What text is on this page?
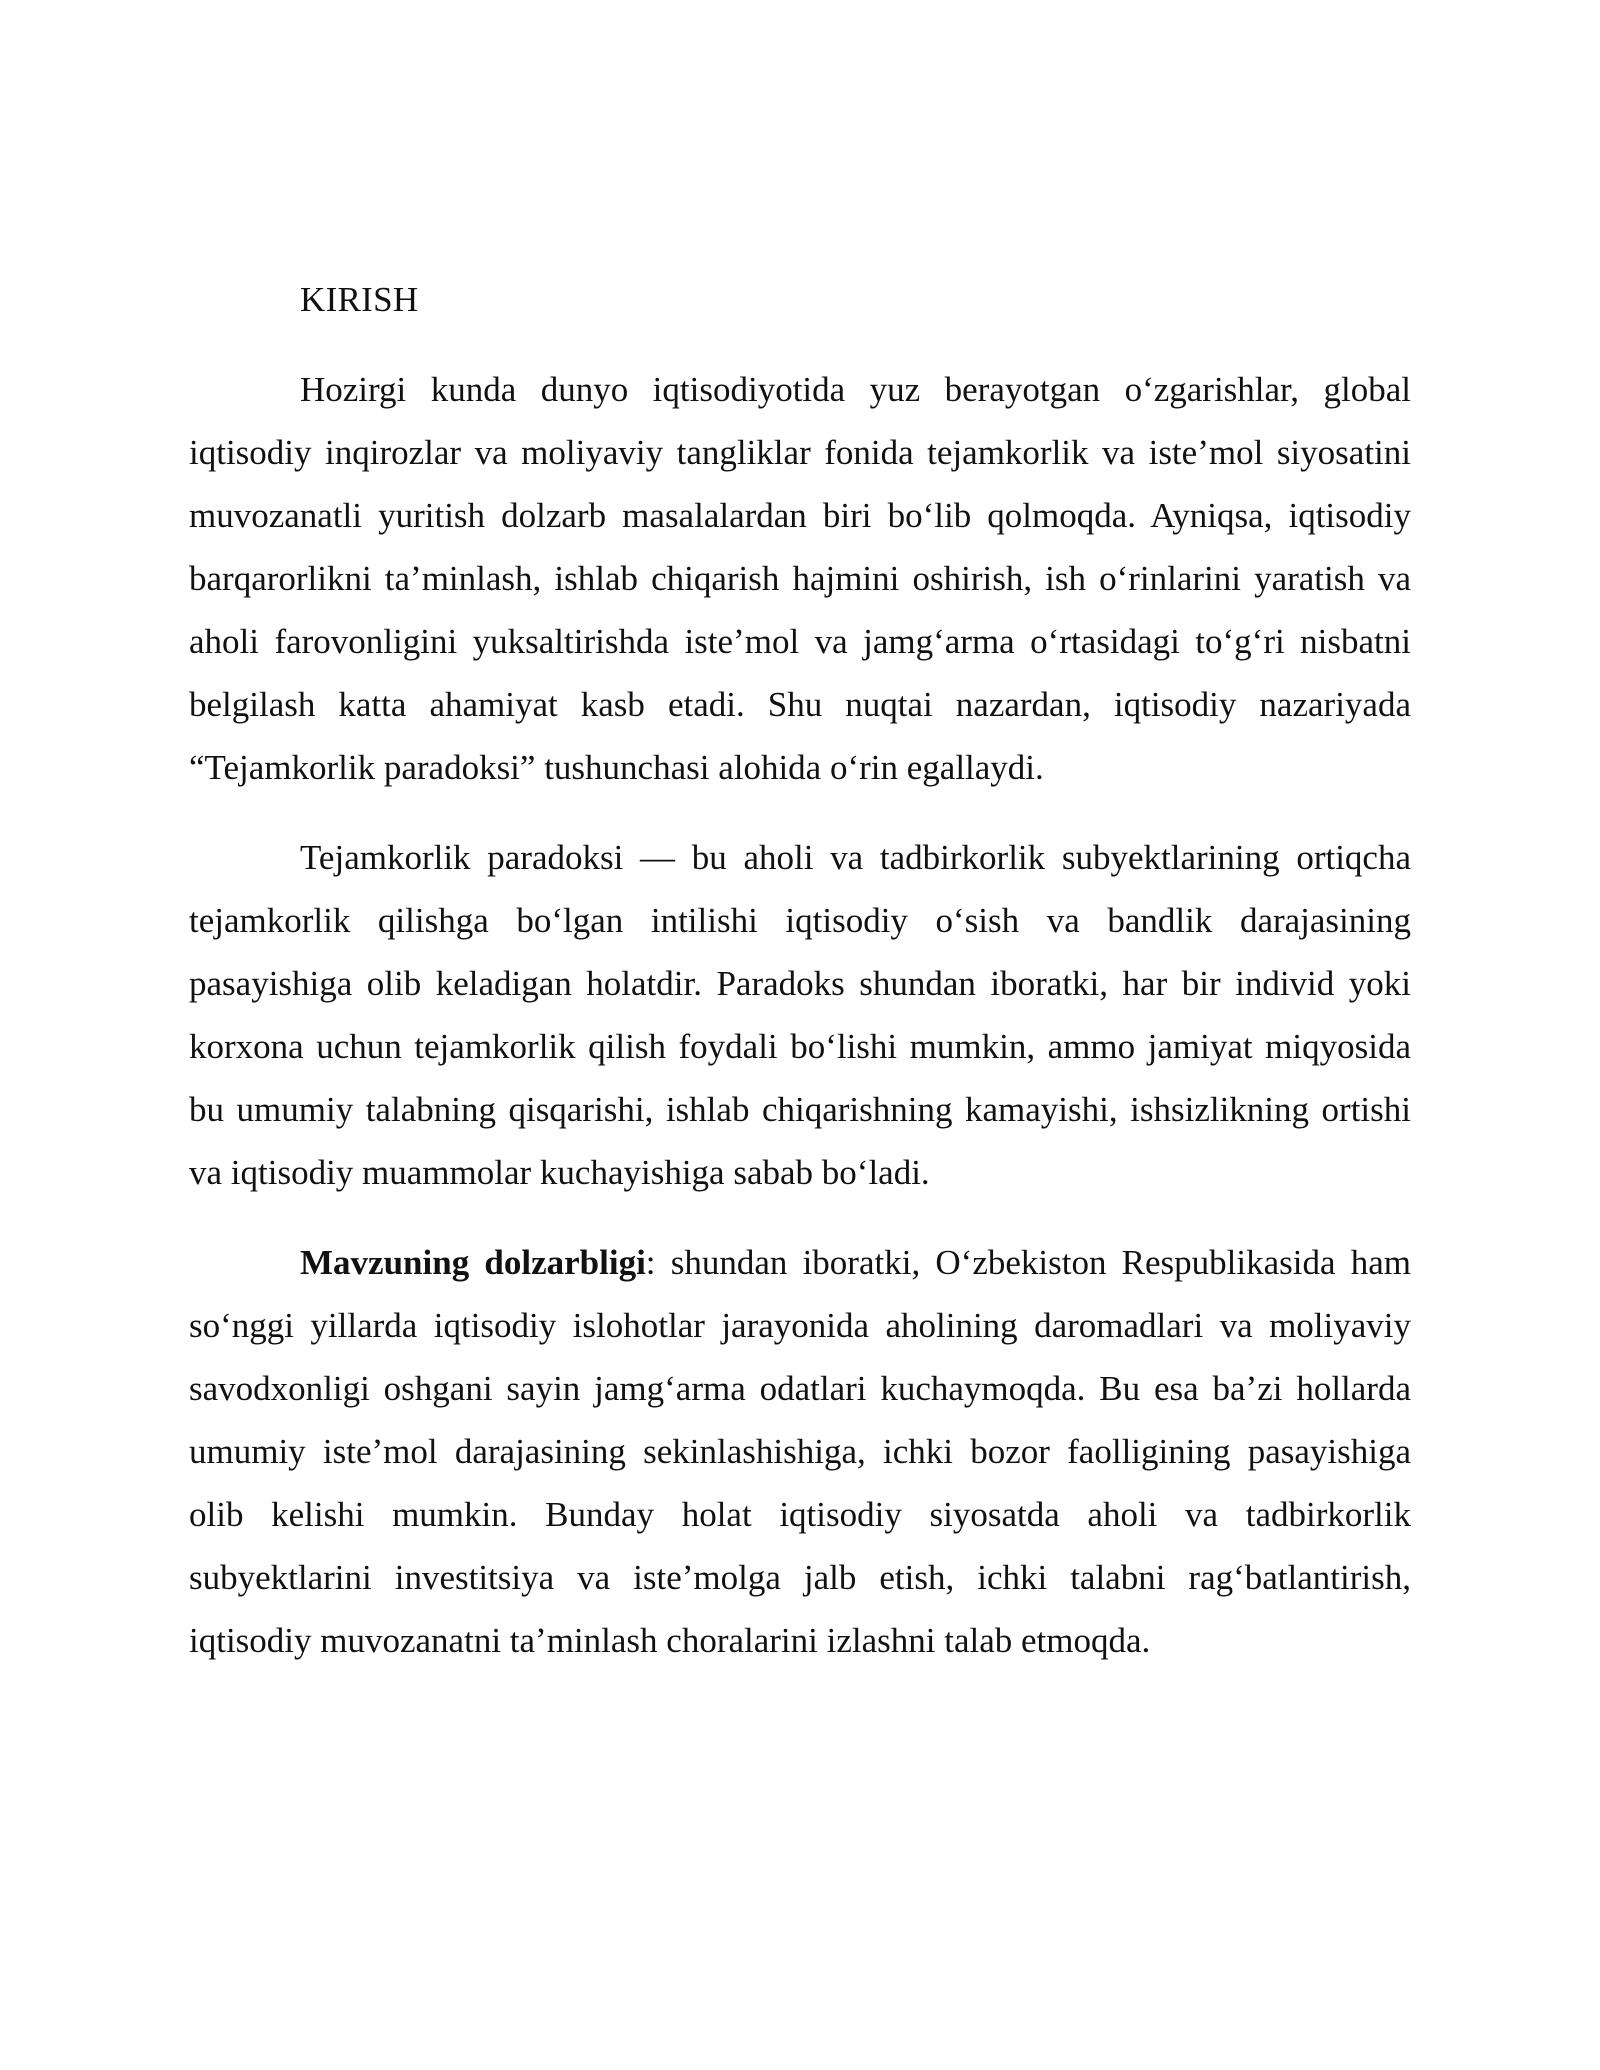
KIRISH

Hozirgi kunda dunyo iqtisodiyotida yuz berayotgan oʻzgarishlar, global iqtisodiy inqirozlar va moliyaviy tangliklar fonida tejamkorlik va isteʼmol siyosatini muvozanatli yuritish dolzarb masalalardan biri boʻlib qolmoqda. Ayniqsa, iqtisodiy barqarorlikni taʼminlash, ishlab chiqarish hajmini oshirish, ish oʻrinlarini yaratish va aholi farovonligini yuksaltirishda isteʼmol va jamgʻarma oʻrtasidagi toʻgʻri nisbatni belgilash katta ahamiyat kasb etadi. Shu nuqtai nazardan, iqtisodiy nazariyada “Tejamkorlik paradoksi” tushunchasi alohida oʻrin egallaydi.

Tejamkorlik paradoksi — bu aholi va tadbirkorlik subyektlarining ortiqcha tejamkorlik qilishga boʻlgan intilishi iqtisodiy oʻsish va bandlik darajasining pasayishiga olib keladigan holatdir. Paradoks shundan iboratki, har bir individ yoki korxona uchun tejamkorlik qilish foydali boʻlishi mumkin, ammo jamiyat miqyosida bu umumiy talabning qisqarishi, ishlab chiqarishning kamayishi, ishsizlikning ortishi va iqtisodiy muammolar kuchayishiga sabab boʻladi.

Mavzuning dolzarbligi: shundan iboratki, Oʻzbekiston Respublikasida ham soʻnggi yillarda iqtisodiy islohotlar jarayonida aholining daromadlari va moliyaviy savodxonligi oshgani sayin jamgʻarma odatlari kuchaymoqda. Bu esa baʼzi hollarda umumiy isteʼmol darajasining sekinlashishiga, ichki bozor faolligining pasayishiga olib kelishi mumkin. Bunday holat iqtisodiy siyosatda aholi va tadbirkorlik subyektlarini investitsiya va isteʼmolga jalb etish, ichki talabni ragʻbatlantirish, iqtisodiy muvozanatni taʼminlash choralarini izlashni talab etmoqda.
